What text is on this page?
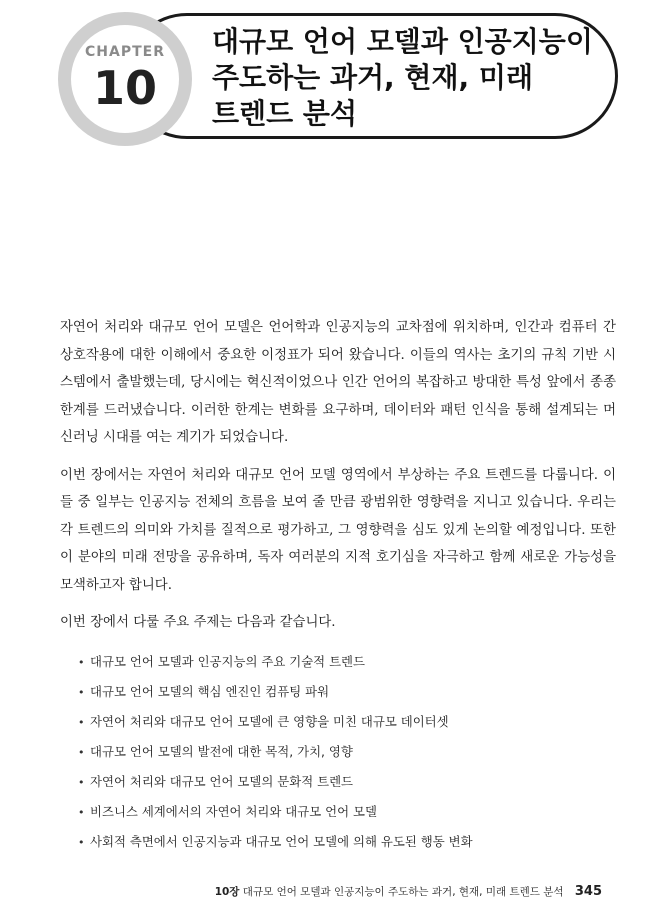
CHAPTER
10
대규모 언어 모델과 인공지능이
주도하는 과거, 현재, 미래
트렌드 분석

자연어 처리와 대규모 언어 모델은 언어학과 인공지능의 교차점에 위치하며, 인간과 컴퓨터 간 상호작용에 대한 이해에서 중요한 이정표가 되어 왔습니다. 이들의 역사는 초기의 규칙 기반 시스템에서 출발했는데, 당시에는 혁신적이었으나 인간 언어의 복잡하고 방대한 특성 앞에서 종종 한계를 드러냈습니다. 이러한 한계는 변화를 요구하며, 데이터와 패턴 인식을 통해 설계되는 머신러닝 시대를 여는 계기가 되었습니다.

이번 장에서는 자연어 처리와 대규모 언어 모델 영역에서 부상하는 주요 트렌드를 다룹니다. 이들 중 일부는 인공지능 전체의 흐름을 보여 줄 만큼 광범위한 영향력을 지니고 있습니다. 우리는 각 트렌드의 의미와 가치를 질적으로 평가하고, 그 영향력을 심도 있게 논의할 예정입니다. 또한 이 분야의 미래 전망을 공유하며, 독자 여러분의 지적 호기심을 자극하고 함께 새로운 가능성을 모색하고자 합니다.

이번 장에서 다룰 주요 주제는 다음과 같습니다.

• 대규모 언어 모델과 인공지능의 주요 기술적 트렌드
• 대규모 언어 모델의 핵심 엔진인 컴퓨팅 파워
• 자연어 처리와 대규모 언어 모델에 큰 영향을 미친 대규모 데이터셋
• 대규모 언어 모델의 발전에 대한 목적, 가치, 영향
• 자연어 처리와 대규모 언어 모델의 문화적 트렌드
• 비즈니스 세계에서의 자연어 처리와 대규모 언어 모델
• 사회적 측면에서 인공지능과 대규모 언어 모델에 의해 유도된 행동 변화
10장 대규모 언어 모델과 인공지능이 주도하는 과거, 현재, 미래 트렌드 분석 345
